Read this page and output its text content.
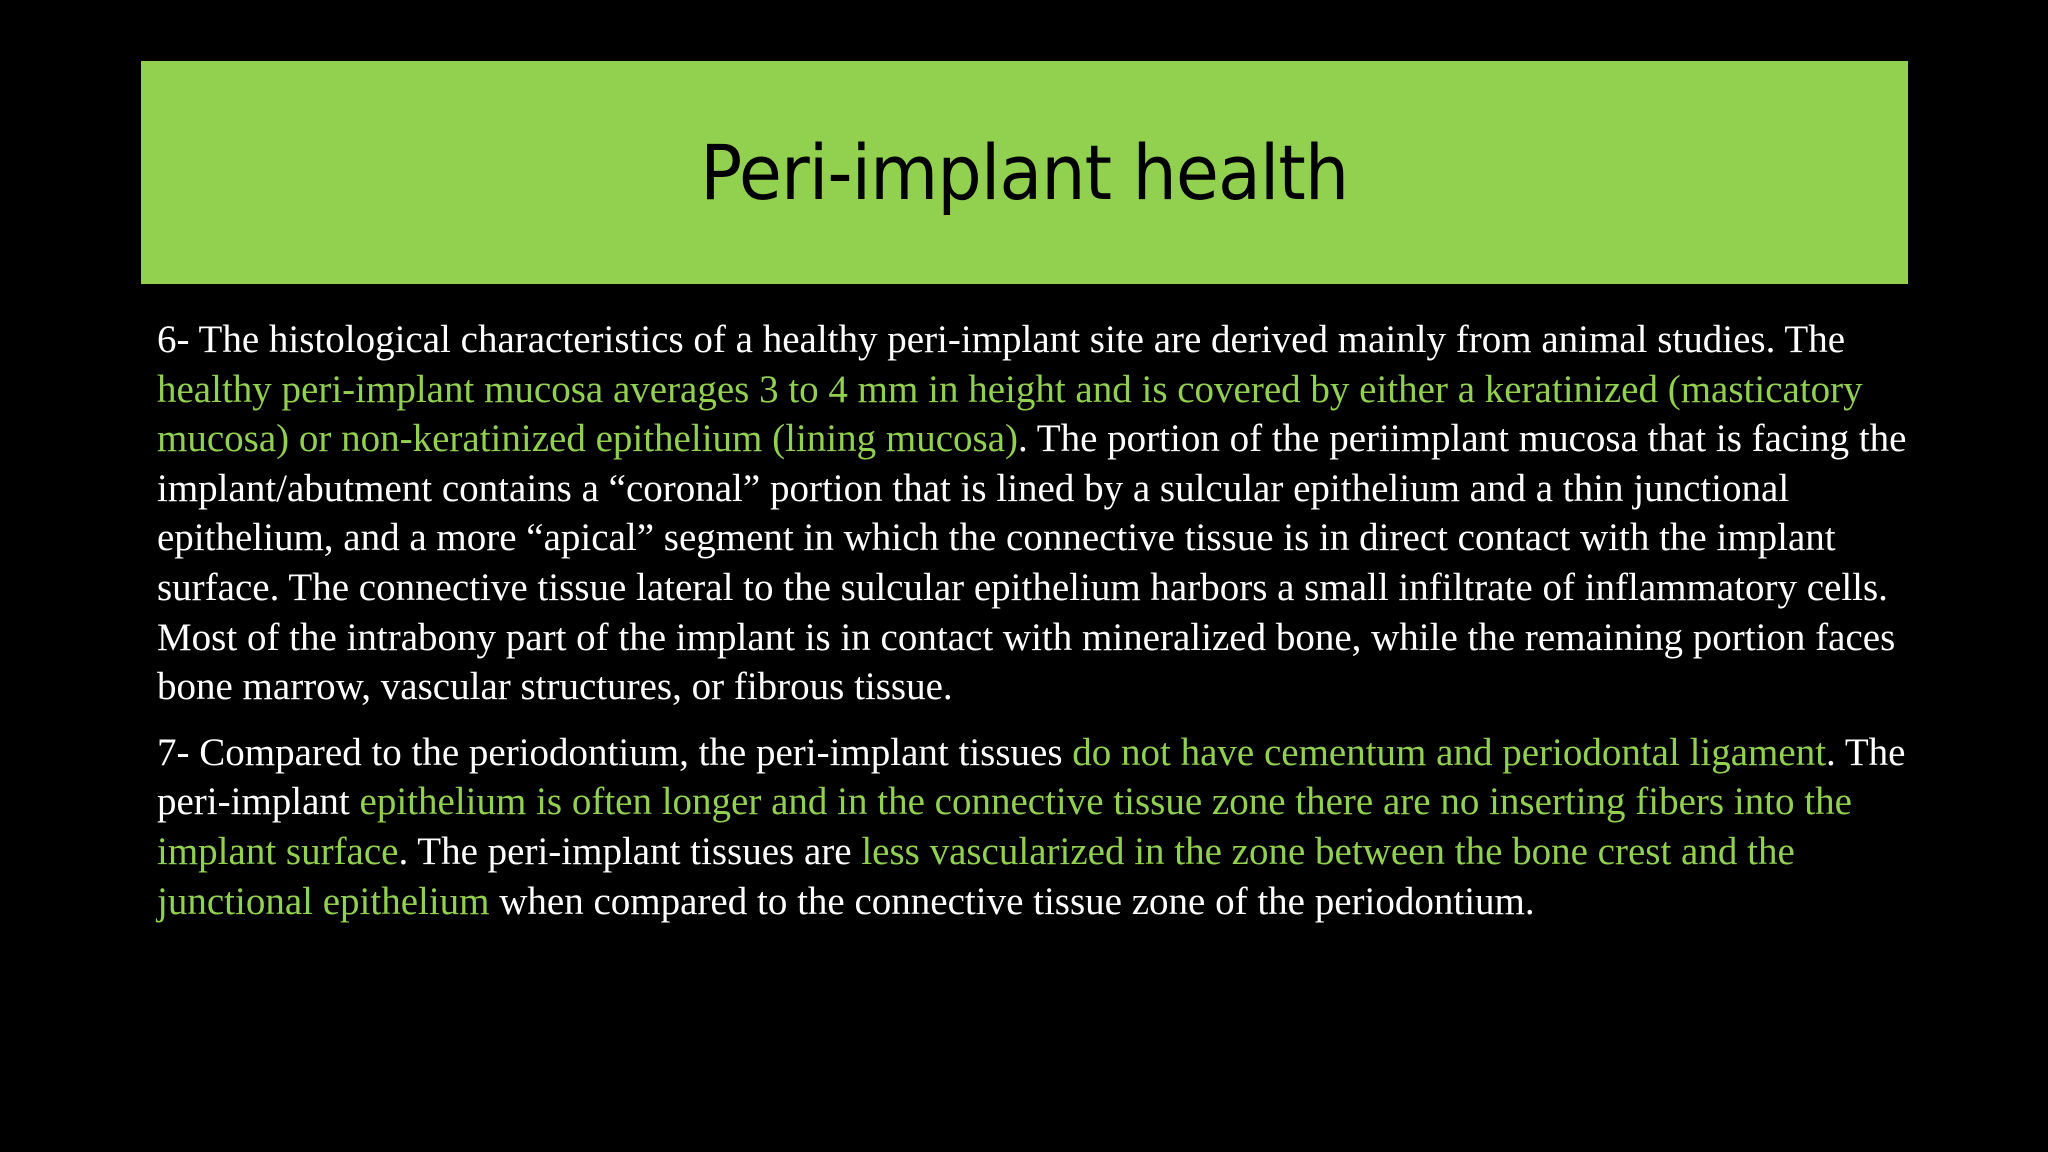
Peri-implant health

6- The histological characteristics of a healthy peri-implant site are derived mainly from animal studies. The healthy peri-implant mucosa averages 3 to 4 mm in height and is covered by either a keratinized (masticatory mucosa) or non-keratinized epithelium (lining mucosa). The portion of the periimplant mucosa that is facing the implant/abutment contains a “coronal” portion that is lined by a sulcular epithelium and a thin junctional epithelium, and a more “apical” segment in which the connective tissue is in direct contact with the implant surface. The connective tissue lateral to the sulcular epithelium harbors a small infiltrate of inflammatory cells. Most of the intrabony part of the implant is in contact with mineralized bone, while the remaining portion faces bone marrow, vascular structures, or fibrous tissue.

7- Compared to the periodontium, the peri-implant tissues do not have cementum and periodontal ligament. The peri-implant epithelium is often longer and in the connective tissue zone there are no inserting fibers into the implant surface. The peri-implant tissues are less vascularized in the zone between the bone crest and the junctional epithelium when compared to the connective tissue zone of the periodontium.
